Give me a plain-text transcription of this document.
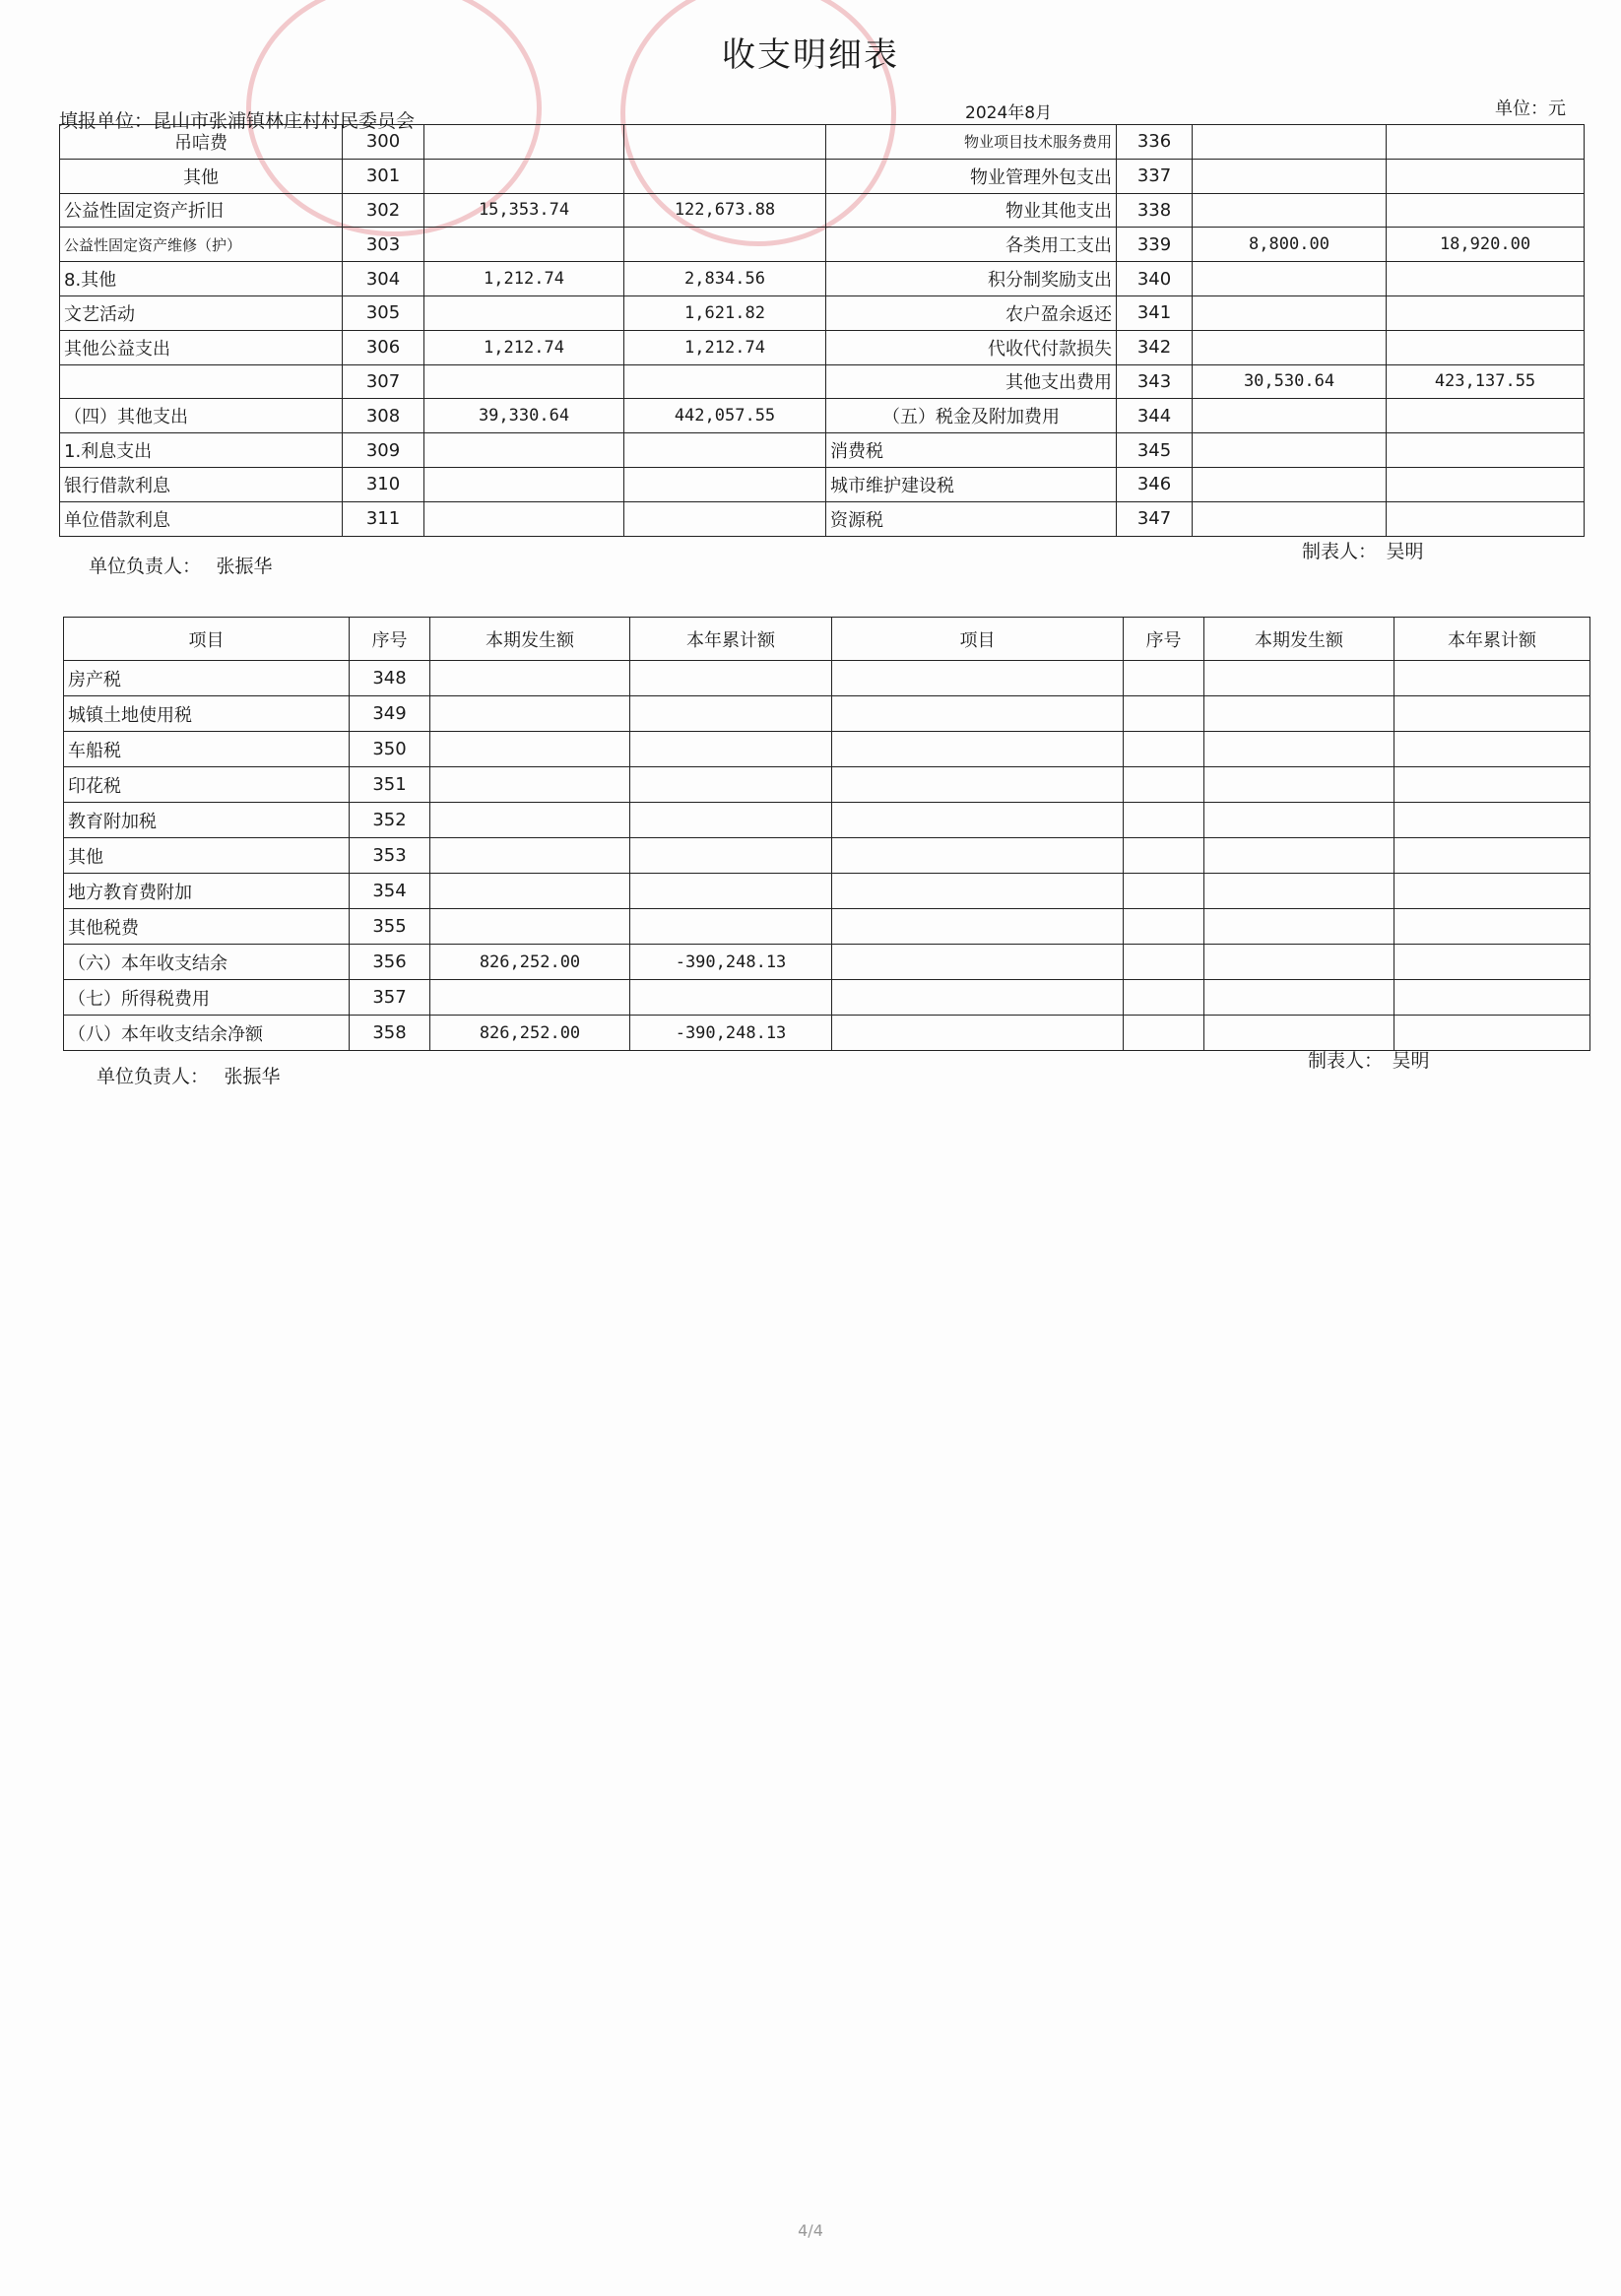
收支明细表
填报单位：昆山市张浦镇林庄村村民委员会	2024年8月	单位：元
吊唁费	300			物业项目技术服务费用	336		
其他	301			物业管理外包支出	337		
公益性固定资产折旧	302	15,353.74	122,673.88	物业其他支出	338		
公益性固定资产维修（护）	303			各类用工支出	339	8,800.00	18,920.00
8.其他	304	1,212.74	2,834.56	积分制奖励支出	340		
文艺活动	305		1,621.82	农户盈余返还	341		
其他公益支出	306	1,212.74	1,212.74	代收代付款损失	342		
	307			其他支出费用	343	30,530.64	423,137.55
（四）其他支出	308	39,330.64	442,057.55	（五）税金及附加费用	344		
1.利息支出	309			消费税	345		
银行借款利息	310			城市维护建设税	346		
单位借款利息	311			资源税	347		
单位负责人：　 张振华
制表人：　吴明
项目	序号	本期发生额	本年累计额	项目	序号	本期发生额	本年累计额
房产税	348						
城镇土地使用税	349						
车船税	350						
印花税	351						
教育附加税	352						
其他	353						
地方教育费附加	354						
其他税费	355						
（六）本年收支结余	356	826,252.00	-390,248.13				
（七）所得税费用	357						
（八）本年收支结余净额	358	826,252.00	-390,248.13				
单位负责人：　 张振华
制表人：　吴明
4/4
